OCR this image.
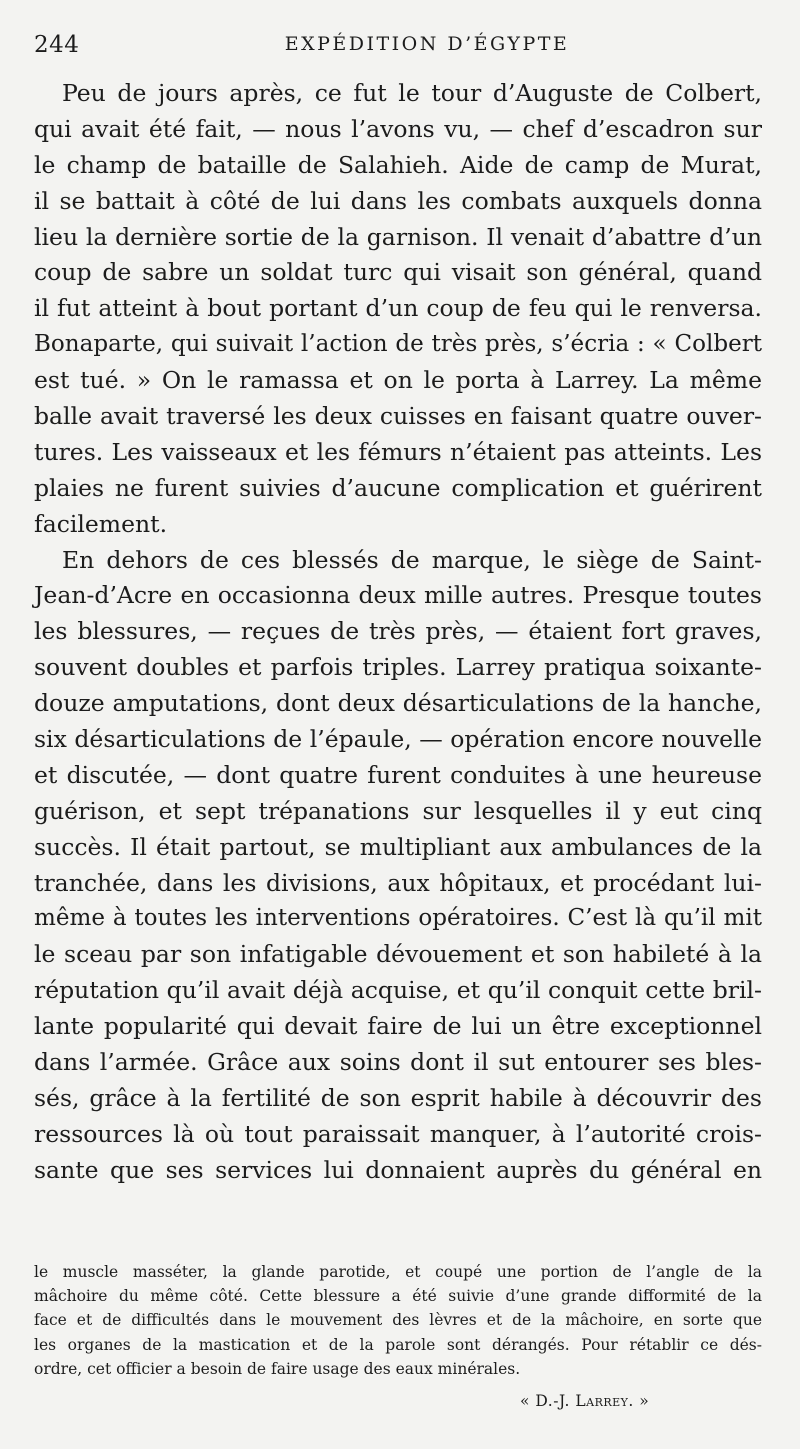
244	EXPÉDITION D’ÉGYPTE
Peu de jours après, ce fut le tour d’Auguste de Colbert,
qui avait été fait, — nous l’avons vu, — chef d’escadron sur
le champ de bataille de Salahieh. Aide de camp de Murat,
il se battait à côté de lui dans les combats auxquels donna
lieu la dernière sortie de la garnison. Il venait d’abattre d’un
coup de sabre un soldat turc qui visait son général, quand
il fut atteint à bout portant d’un coup de feu qui le renversa.
Bonaparte, qui suivait l’action de très près, s’écria : « Colbert
est tué. » On le ramassa et on le porta à Larrey. La même
balle avait traversé les deux cuisses en faisant quatre ouver-
tures. Les vaisseaux et les fémurs n’étaient pas atteints. Les
plaies ne furent suivies d’aucune complication et guérirent
facilement.
En dehors de ces blessés de marque, le siège de Saint-
Jean-d’Acre en occasionna deux mille autres. Presque toutes
les blessures, — reçues de très près, — étaient fort graves,
souvent doubles et parfois triples. Larrey pratiqua soixante-
douze amputations, dont deux désarticulations de la hanche,
six désarticulations de l’épaule, — opération encore nouvelle
et discutée, — dont quatre furent conduites à une heureuse
guérison, et sept trépanations sur lesquelles il y eut cinq
succès. Il était partout, se multipliant aux ambulances de la
tranchée, dans les divisions, aux hôpitaux, et procédant lui-
même à toutes les interventions opératoires. C’est là qu’il mit
le sceau par son infatigable dévouement et son habileté à la
réputation qu’il avait déjà acquise, et qu’il conquit cette bril-
lante popularité qui devait faire de lui un être exceptionnel
dans l’armée. Grâce aux soins dont il sut entourer ses bles-
sés, grâce à la fertilité de son esprit habile à découvrir des
ressources là où tout paraissait manquer, à l’autorité crois-
sante que ses services lui donnaient auprès du général en
le muscle masséter, la glande parotide, et coupé une portion de l’angle de la
mâchoire du même côté. Cette blessure a été suivie d’une grande difformité de la
face et de difficultés dans le mouvement des lèvres et de la mâchoire, en sorte que
les organes de la mastication et de la parole sont dérangés. Pour rétablir ce dés-
ordre, cet officier a besoin de faire usage des eaux minérales.
« D.-J. Larrey. »
